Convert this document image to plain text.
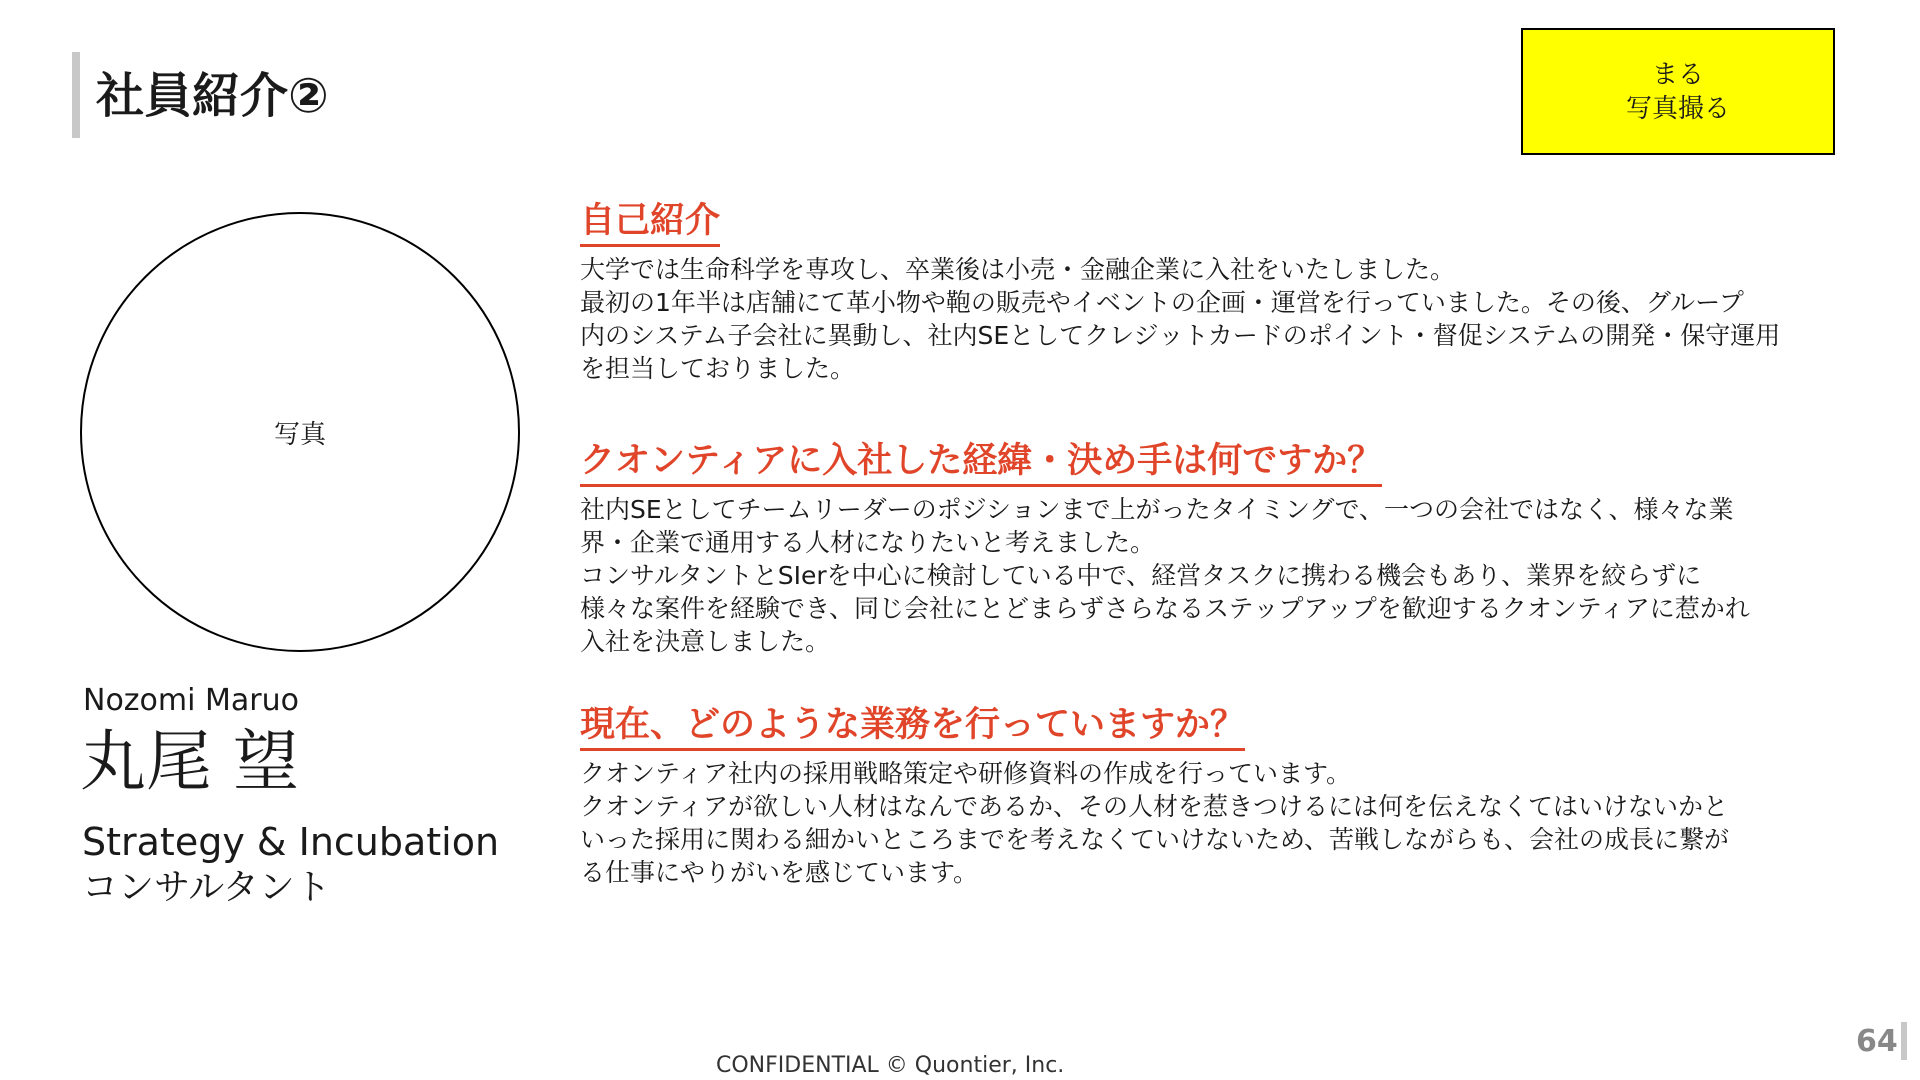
社員紹介②	まる
写真撮る
写真
Nozomi Maruo
丸尾 望
Strategy & Incubation
コンサルタント
自己紹介
大学では生命科学を専攻し、卒業後は小売・金融企業に入社をいたしました。
最初の1年半は店舗にて革小物や鞄の販売やイベントの企画・運営を行っていました。その後、グループ
内のシステム子会社に異動し、社内SEとしてクレジットカードのポイント・督促システムの開発・保守運用
を担当しておりました。
クオンティアに入社した経緯・決め手は何ですか？
社内SEとしてチームリーダーのポジションまで上がったタイミングで、一つの会社ではなく、様々な業
界・企業で通用する人材になりたいと考えました。
コンサルタントとSIerを中心に検討している中で、経営タスクに携わる機会もあり、業界を絞らずに
様々な案件を経験でき、同じ会社にとどまらずさらなるステップアップを歓迎するクオンティアに惹かれ
入社を決意しました。
現在、どのような業務を行っていますか？
クオンティア社内の採用戦略策定や研修資料の作成を行っています。
クオンティアが欲しい人材はなんであるか、その人材を惹きつけるには何を伝えなくてはいけないかと
いった採用に関わる細かいところまでを考えなくていけないため、苦戦しながらも、会社の成長に繋が
る仕事にやりがいを感じています。
CONFIDENTIAL © Quontier, Inc.
64
